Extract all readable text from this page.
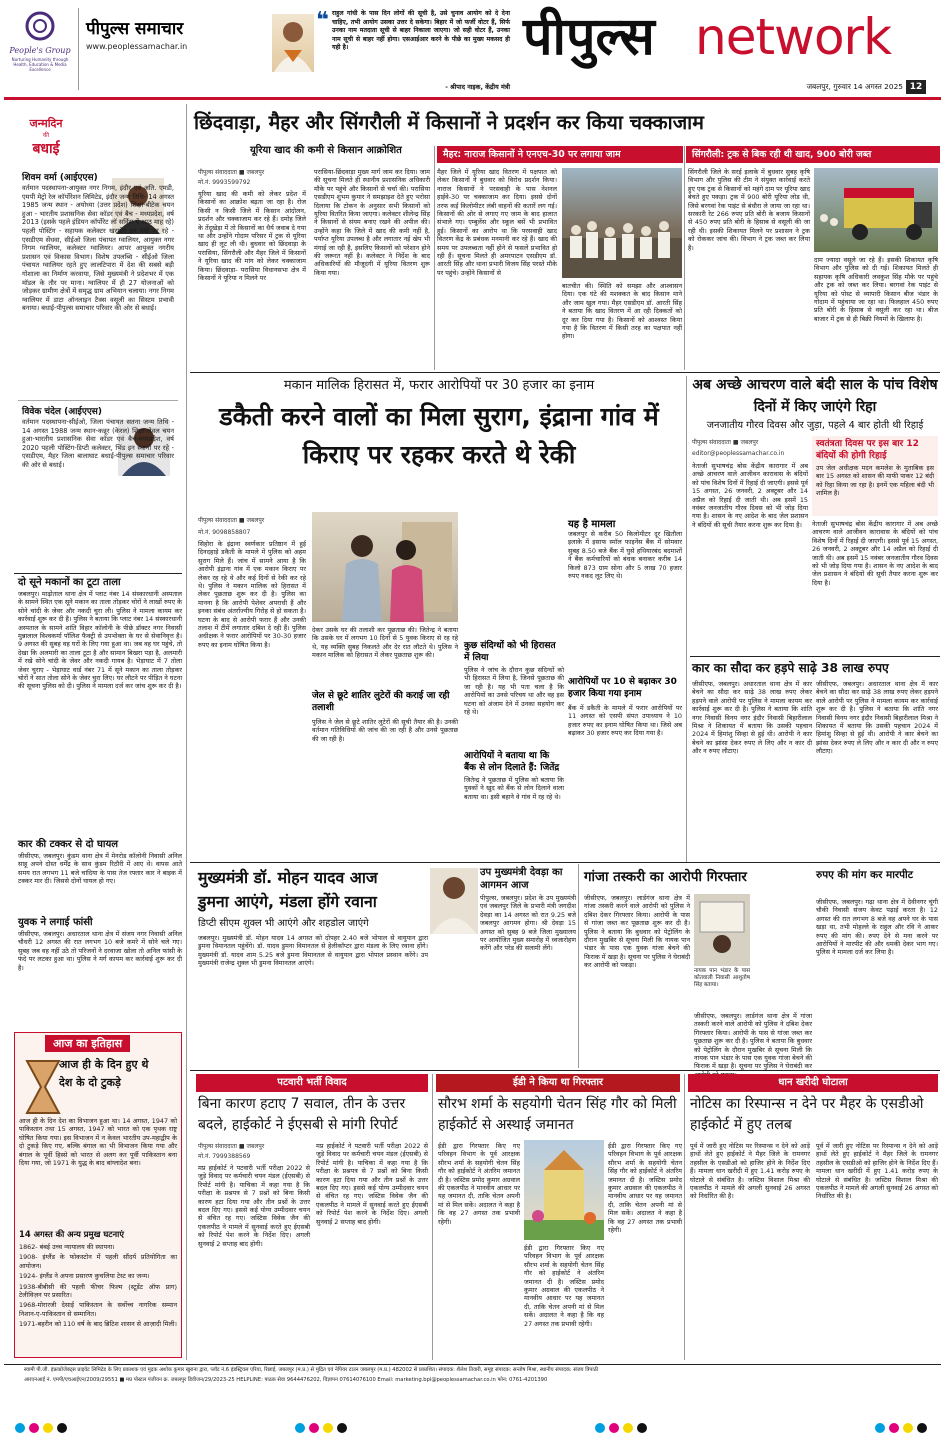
People's Group
Nurturing Humanity through Health, Education & Media Excellence
पीपुल्स समाचार
www.peoplessamachar.in
❝ राहुल गांधी के पास दिन लोगों की सूची है, उसे चुनाव आयोग को दे देना चाहिए, तभी आयोग उसका उत्तर दे सकेगा। बिहार में जो फर्जी वोटर हैं, सिर्फ उनका नाम मतदाता सूची से बाहर निकाला जाएगा। जो सही वोटर हैं, उनका नाम सूची से बाहर नहीं होगा। एसआईआर करने के पीछे का मुख्य मकसद ही यही है।
- श्रीपाद नाइक, केंद्रीय मंत्री
पीपुल्स network
जबलपुर, गुरुवार 14 अगस्त 2025 12
जन्मदिन
की
बधाई
शिवम वर्मा (आईएएस)
वर्तमान पदस्थापना-आयुक्त नगर निगम, इंदौर एवं अति. एमडी, एमपी मेट्रो रेल कॉर्पोरेशन लिमिटेड, इंदौर जन्म तिथि- 14 अगस्त 1985 जन्म स्थान - अयोध्या (उत्तर प्रदेश) शिक्षा-बीटेक चयन हुआ - भारतीय प्रशासनिक सेवा कॉडर एवं बैच - मध्यप्रदेश, वर्ष 2013 (इसके पहले इंडियन कॉर्पोरेट लॉ सर्विस में आठ माह रहे) पहली पोस्टिंग - सहायक कलेक्टर खरगोन इन पदों पर रहे - एसडीएम सेंधवा, सीईओ जिला पंचायत ग्वालियर, आयुक्त नगर निगम ग्वालियर, कलेक्टर ग्वालियर। आपर आयुक्त नगरीय प्रशासन एवं विकास विभाग। विशेष उपलब्धि - सीईओ जिला पंचायत ग्वालियर रहते हुए लालटिपारा में देश की सबसे बड़ी गोशाला का निर्माण करवाया, जिसे मुख्यमंत्री ने प्रदेशभर में एक मॉडल के तौर पर माना। ग्वालियर में ही 27 योजनाओं को जोड़कर ग्रामीण क्षेत्रों में समृद्ध ग्राम अभियान चलाया। नगर निगम ग्वालियर में डाटा ऑनलाइन टैक्स वसूली का सिस्टम प्रभावी बनाया। बधाई-पीपुल्स समाचार परिवार की ओर से बधाई।
विवेक चंदेल (आईएएस)
वर्तमान पदस्थापना-सीईओ, जिला पंचायत सतना जन्म तिथि - 14 अगस्त 1988 जन्म स्थान-कन्नूर (केरल) शिक्षा-लेवल चयन हुआ-भारतीय प्रशासनिक सेवा कॉडर एवं बैच-मध्यप्रदेश, वर्ष 2020 पहली पोस्टिंग-डिप्टी कलेक्टर, भिंड इन स्थानों पर रहे - एसडीएम, मैहर जिला बालाघाट बधाई-पीपुल्स समाचार परिवार की ओर से बधाई।
दो सूने मकानों का टूटा ताला
जबलपुर। माढ़ोताल थाना क्षेत्र में प्लाट नंबर 14 संस्कारधानी अस्पताल के सामने स्थित एक सूने मकान का ताला तोड़कर चोरों ने लाखों रुपए के सोने चांदी के जेवर और नकदी चुरा ली। पुलिस ने मामला कायम कर कार्रवाई शुरू कर दी है। पुलिस ने बताया कि प्लाट नंबर 14 संस्कारधानी अस्पताल के सामने शांति विहार कॉलोनी के पीछे डॉक्टर नगर निवासी मुन्नालाल विश्वकर्मा पॉलिश फैक्ट्री से उपभोक्ता के घर से सेवानिवृत्त है। 9 अगस्त की सुबह वह घरों के लिए गया हुआ था। जब वह घर पहुंचे, तो देखा कि अलमारी का ताला टूटा है और सामान बिखरा पड़ा है, अलमारी में रखे सोने चांदी के जेवर और नकदी गायब है। भेड़ाघाट में 7 तोला जेवर चुराए - भेड़ाघाट वार्ड नंबर 71 में सूने मकान का ताला तोड़कर चोरों ने सात तोला सोने के जेवर चुरा लिए। घर लौटने पर पीड़ित ने घटना की सूचना पुलिस को दी। पुलिस ने मामला दर्ज कर जांच शुरू कर दी है।
कार की टक्कर से दो घायल
जीसीएफ, जबलपुर। कुंडम थाना क्षेत्र में मेनरोड कॉलोनी निवासी अनिल साहू अपने दोस्त धर्मेंद्र के साथ कुंडम रिठौरी में आए थे। वापस आते समय रात लगभग 11 बजे चांदिया के पास तेज रफ्तार कार ने बाइक में टक्कर मार दी। जिससे दोनों घायल हो गए।
युवक ने लगाई फांसी
जीसीएफ, जबलपुर। अधारताल थाना क्षेत्र में संजय नगर निवासी अनिल चौधरी 12 अगस्त की रात लगभग 10 बजे कमरे में सोने चले गए। सुबह जब वह नहीं उठे तो परिजनों ने दरवाजा खोला तो अनिल फांसी के फंदे पर लटका हुआ था। पुलिस ने मर्ग कायम कर कार्रवाई शुरू कर दी है।
आज का इतिहास
आज ही के दिन हुए थे
देश के दो टुकड़े
आज ही के दिन देश का विभाजन हुआ था। 14 अगस्त, 1947 को पाकिस्तान तथा 15 अगस्त, 1947 को भारत को एक पृथक राष्ट्र घोषित किया गया। इस विभाजन में न केवल भारतीय उप-महाद्वीप के दो टुकड़े किए गए, बल्कि बंगाल का भी विभाजन किया गया और बंगाल के पूर्वी हिस्से को भारत से अलग कर पूर्वी पाकिस्तान बना दिया गया, जो 1971 के युद्ध के बाद बांग्लादेश बना।
14 अगस्त की अन्य प्रमुख घटनाएं
1862- बंबई उच्च न्यायालय की स्थापना।
1908- इंग्लैंड के फोकस्टोन में पहली सौंदर्य प्रतियोगिता का आयोजन।
1924- इंग्लैंड ने अपना प्रसारण कुचलिया टेस्ट का जन्म।
1938-बीबीसी की पहली फीचर फिल्म (स्टूडेंट ऑफ प्राग) टेलीविज़न पर प्रसारित।
1968-मोरारजी देसाई पाकिस्तान के सर्वोच्च नागरिक सम्मान निशान-ए-पाकिस्तान से सम्मानित।
1971-बहरीन को 110 वर्ष के बाद ब्रिटिश शासन से आज़ादी मिली।
छिंदवाड़ा, मैहर और सिंगरौली में किसानों ने प्रदर्शन कर किया चक्काजाम
यूरिया खाद की कमी से किसान आक्रोशित	मैहर: नाराज किसानों ने एनएच-30 पर लगाया जाम	सिंगरौली: ट्रक से बिक रही थी खाद, 900 बोरी जब्त
पीपुल्स संवाददाता ■ जबलपुर
मो.नं. 9993599792
यूरिया खाद की कमी को लेकर प्रदेश में किसानों का आक्रोश बढ़ता जा रहा है। रोज किसी न किसी जिले में किसान आंदोलन, प्रदर्शन और चक्काजाम कर रहे हैं। दमोह जिले के तेंदूखेड़ा में तो किसानों का धैर्य जवाब दे गया था और उन्होंने गोदाम परिसर में ट्रक से यूरिया खाद ही लूट ली थी। बुधवार को छिंदवाड़ा के परासिया, सिंगरौली और मैहर जिले में किसानों ने यूरिया खाद की मांग को लेकर चक्काजाम किया। छिंदवाड़ा- परासिया विधानसभा क्षेत्र में किसानों ने यूरिया न मिलने पर
परासिया-छिंदवाड़ा मुख्य मार्ग जाम कर दिया। जाम की सूचना मिलते ही स्थानीय प्रशासनिक अधिकारी मौके पर पहुंचे और किसानों से चर्चा की। परासिया एसडीएम शुभम कुमार ने समझाइश देते हुए भरोसा दिलाया कि टोकन के अनुसार सभी किसानों को यूरिया वितरित किया जाएगा। कलेक्टर शीलेन्द्र सिंह ने किसानों से संयम बनाए रखने की अपील की। उन्होंने कहा कि जिले में खाद की कमी नहीं है, पर्याप्त यूरिया उपलब्ध है और लगातार नई खेप भी मंगाई जा रही है, इसलिए किसानों को परेशान होने की जरूरत नहीं है। कलेक्टर ने निर्देश के बाद अधिकारियों की मौजूदगी में यूरिया वितरण शुरू किया गया।
मैहर जिले में यूरिया खाद वितरण में पक्षपात को लेकर किसानों ने बुधवार को विरोध प्रदर्शन किया। नाराज किसानों ने परसवाही के पास नेशनल हाईवे-30 पर चक्काजाम कर दिया। इससे दोनों तरफ कई किलोमीटर लंबी वाहनों की कतारें लग गई। किसानों की ओर से लगाए गए जाम के बाद हालात संभाले गए। एम्बुलेंस और स्कूल बसें भी प्रभावित हुई। किसानों का आरोप था कि परसवाही खाद वितरण केंद्र के प्रबंधक मनमानी कर रहे हैं। खाद की समय पर उपलब्धता नहीं होने से फसलें प्रभावित हो रही हैं। सूचना मिलते ही अमरपाटन एसडीएम डॉ. आरती सिंह और थाना प्रभारी विजय सिंह परस्ते मौके पर पहुंचे। उन्होंने किसानों से
बातचीत की। स्थिति को समझा और आश्वासन दिया। एक घंटे की मशक्कत के बाद किसान माने और जाम खुल गया। मैहर एसडीएम डॉ. आरती सिंह ने बताया कि खाद वितरण में आ रही दिक्कतों को दूर कर दिया गया है। किसानों को आश्वस्त किया गया है कि वितरण में किसी तरह का पक्षपात नहीं होगा।
सिंगरौली जिले के सरई इलाके में बुधवार सुबह कृषि विभाग और पुलिस की टीम ने संयुक्त कार्रवाई करते हुए एक ट्रक से किसानों को महंगे दाम पर यूरिया खाद बेचते हुए पकड़ा। ट्रक में 900 बोरी यूरिया लोड थी, जिसे बरगवां रेक पाइंट से बंधौरा ले जाया जा रहा था। सरकारी रेट 266 रुपए प्रति बोरी के बजाय किसानों से 450 रुपए प्रति बोरी के हिसाब से वसूली की जा रही थी। इसकी शिकायत मिलने पर प्रशासन ने ट्रक को रोककर जांच की। विभाग ने ट्रक जब्त कर लिया है।
दाम ज्यादा वसूले जा रहे हैं। इसकी शिकायत कृषि विभाग और पुलिस को दी गई। शिकायत मिलते ही सहायक कृषि अधिकारी लवकुश सिंह मौके पर पहुंचे और ट्रक को जब्त कर लिया। बरगवां रेक पाइंट से यूरिया को पोस्ट से व्यापारी किसान बीज भंडार के गोदाम में पहुंचाया जा रहा था। फिलहाल 450 रुपए प्रति बोरी के हिसाब से वसूली कर रहा था। बीज बाजार में ट्रक से ही बिक्री नियमों के खिलाफ है।
मकान मालिक हिरासत में, फरार आरोपियों पर 30 हजार का इनाम
डकैती करने वालों का मिला सुराग, इंद्राना गांव में किराए पर रहकर करते थे रेकी
पीपुल्स संवाददाता ■ जबलपुर
मो.नं. 9098858807
सिहोरा के इंद्राना स्वर्णकार प्रतिष्ठान में हुई दिनदहाड़े डकैती के मामले में पुलिस को अहम सुराग मिले हैं। जांच में सामने आया है कि आरोपी इंद्राना गांव में एक मकान किराए पर लेकर रह रहे थे और कई दिनों से रेकी कर रहे थे। पुलिस ने मकान मालिक को हिरासत में लेकर पूछताछ शुरू कर दी है। पुलिस का मानना है कि आरोपी पेशेवर अपराधी हैं और इनका संबंध अंतर्राज्यीय गिरोह से हो सकता है। घटना के बाद से आरोपी फरार हैं और उनकी तलाश में टीमें लगातार दबिश दे रही हैं। पुलिस अधीक्षक ने फरार आरोपियों पर 30-30 हजार रुपए का इनाम घोषित किया है।
देकर उसके घर की तलाशी कर पूछताछ की। जितेन्द्र ने बताया कि उसके घर में लगभग 10 दिनों से 5 युवक किराए से रह रहे थे, यह व्यक्ति सुबह निकलते और देर रात लौटते थे। पुलिस ने मकान मालिक को हिरासत में लेकर पूछताछ शुरू की।
जेल से छूटे शातिर लुटेरों की कराई जा रही तलाशी
पुलिस ने जेल से छूटे शातिर लुटेरों की सूची तैयार की है। उनकी वर्तमान गतिविधियों की जांच की जा रही है और उनसे पूछताछ की जा रही है।
कुछ संदिग्धों को भी हिरासत में लिया
पुलिस ने जांच के दौरान कुछ संदिग्धों को भी हिरासत में लिया है, जिनसे पूछताछ की जा रही है। यह भी पता चला है कि आरोपियों का उनसे परिचय था और वह इस घटना को अंजाम देने में उनका सहयोग कर रहे थे।
आरोपियों ने बताया था कि बैंक से लोन दिलाते हैं: जितेंद्र
जितेन्द्र ने पूछताछ में पुलिस को बताया कि युवकों ने खुद को बैंक से लोन दिलाने वाला बताया था। इसी बहाने वे गांव में रह रहे थे।
यह है मामला
जबलपुर से करीब 50 किलोमीटर दूर खितौला इलाके में इसाफ स्मॉल फाइनेंस बैंक में सोमवार सुबह 8.50 बजे बैंक में घुसे हथियारबंद बदमाशों ने बैंक कर्मचारियों को बंधक बनाकर करीब 14 किलो 873 ग्राम सोना और 5 लाख 70 हजार रुपए नकद लूट लिए थे।
आरोपियों पर 10 से बढ़ाकर 30 हजार किया गया इनाम
बैंक में डकैती के मामले में फरार आरोपियों पर 11 अगस्त को एसपी संपत उपाध्याय ने 10 हजार रुपए का इनाम घोषित किया था। जिसे अब बढ़ाकर 30 हजार रुपए कर दिया गया है।
अब अच्छे आचरण वाले बंदी साल के पांच विशेष दिनों में किए जाएंगे रिहा
जनजातीय गौरव दिवस और जुड़ा, पहले 4 बार होती थी रिहाई
पीपुल्स संवाददाता ■ जबलपुर
editor@peoplessamachar.co.in
स्वतंत्रता दिवस पर इस बार 12 बंदियों की होगी रिहाई
उप जेल अधीक्षक मदन कमलेश के मुताबिक इस बार 15 अगस्त को शासन की माफी पाकर 12 बंदी को रिहा किया जा रहा है। इनमें एक महिला बंदी भी शामिल है।
नेताजी सुभाषचंद्र बोस केंद्रीय कारागार में अब अच्छे आचरण वाले आजीवन कारावास के बंदियों को पांच विशेष दिनों में रिहाई दी जाएगी। इससे पूर्व 15 अगस्त, 26 जनवरी, 2 अक्टूबर और 14 अप्रैल को रिहाई दी जाती थी। अब इसमें 15 नवंबर जनजातीय गौरव दिवस को भी जोड़ दिया गया है। शासन के नए आदेश के बाद जेल प्रशासन ने बंदियों की सूची तैयार करना शुरू कर दिया है।	नेताजी सुभाषचंद्र बोस केंद्रीय कारागार में अब अच्छे आचरण वाले आजीवन कारावास के बंदियों को पांच विशेष दिनों में रिहाई दी जाएगी। इससे पूर्व 15 अगस्त, 26 जनवरी, 2 अक्टूबर और 14 अप्रैल को रिहाई दी जाती थी। अब इसमें 15 नवंबर जनजातीय गौरव दिवस को भी जोड़ दिया गया है। शासन के नए आदेश के बाद जेल प्रशासन ने बंदियों की सूची तैयार करना शुरू कर दिया है।
कार का सौदा कर हड़पे साढ़े 38 लाख रुपए
जीसीएफ, जबलपुर। अधारताल थाना क्षेत्र में कार बेचने का सौदा कर साढ़े 38 लाख रुपए लेकर हड़पने वाले आरोपी पर पुलिस ने मामला कायम कर कार्रवाई शुरू कर दी है। पुलिस ने बताया कि शांति नगर निवासी विनय नगर इंदौर निवासी बिहारीलाल मिश्रा ने शिकायत में बताया कि उसकी पहचान 2024 में हिमांशु सिन्हा से हुई थी। आरोपी ने कार बेचने का झांसा देकर रुपए ले लिए और न कार दी और न रुपए लौटाए।
जीसीएफ, जबलपुर। अधारताल थाना क्षेत्र में कार बेचने का सौदा कर साढ़े 38 लाख रुपए लेकर हड़पने वाले आरोपी पर पुलिस ने मामला कायम कर कार्रवाई शुरू कर दी है। पुलिस ने बताया कि शांति नगर निवासी विनय नगर इंदौर निवासी बिहारीलाल मिश्रा ने शिकायत में बताया कि उसकी पहचान 2024 में हिमांशु सिन्हा से हुई थी। आरोपी ने कार बेचने का झांसा देकर रुपए ले लिए और न कार दी और न रुपए लौटाए।
मुख्यमंत्री डॉ. मोहन यादव आज
डुमना आएंगे, मंडला होंगे रवाना
डिप्टी सीएम शुक्ल भी आएंगे और शहडोल जाएंगे
जबलपुर। मुख्यमंत्री डॉ. मोहन यादव 14 अगस्त को दोपहर 2.40 बजे भोपाल से वायुयान द्वारा डुमना विमानतल पहुंचेंगे। डॉ. यादव डुमना विमानतल से हेलीकॉप्टर द्वारा मंडला के लिए रवाना होंगे। मुख्यमंत्री डॉ. यादव शाम 5.25 बजे डुमना विमानतल से वायुयान द्वारा भोपाल प्रस्थान करेंगे। उप मुख्यमंत्री राजेन्द्र शुक्ल भी डुमना विमानतल आएंगे।
उप मुख्यमंत्री देवड़ा का आगमन आज
पीपुल्स, जबलपुर। प्रदेश के उप मुख्यमंत्री एवं जबलपुर जिले के प्रभारी मंत्री जगदीश देवड़ा का 14 अगस्त को रात 9.25 बजे जबलपुर आगमन होगा। श्री देवड़ा 15 अगस्त को सुबह 9 बजे जिला मुख्यालय पर आयोजित मुख्य समारोह में ध्वजारोहण करेंगे और परेड की सलामी लेंगे।
गांजा तस्करी का आरोपी गिरफ्तार
जीसीएफ, जबलपुर। लार्डगंज थाना क्षेत्र में गांजा तस्करी करने वाले आरोपी को पुलिस ने दबिश देकर गिरफ्तार किया। आरोपी के पास से गांजा जब्त कर पूछताछ शुरू कर दी है। पुलिस ने बताया कि बुधवार को पेट्रोलिंग के दौरान मुखबिर से सूचना मिली कि नायक पान भंडार के पास एक युवक गांजा बेचने की फिराक में खड़ा है। सूचना पर पुलिस ने घेराबंदी कर आरोपी को पकड़ा।
नायक पान भंडार के पास कोतवाली निवासी आशुतोष सिंह बताया।
जीसीएफ, जबलपुर। लार्डगंज थाना क्षेत्र में गांजा तस्करी करने वाले आरोपी को पुलिस ने दबिश देकर गिरफ्तार किया। आरोपी के पास से गांजा जब्त कर पूछताछ शुरू कर दी है। पुलिस ने बताया कि बुधवार को पेट्रोलिंग के दौरान मुखबिर से सूचना मिली कि नायक पान भंडार के पास एक युवक गांजा बेचने की फिराक में खड़ा है। सूचना पर पुलिस ने घेराबंदी कर
रुपए की मांग कर मारपीट
जीसीएफ, जबलपुर। गढ़ा थाना क्षेत्र में देवीनगर चूंगी चौकी निवासी संजय केवट पढ़ाई करता है। 12 अगस्त की रात लगभग 8 बजे वह अपने घर के पास खड़ा था, तभी मोहल्ले के राहुल और रवि ने आकर रुपए की मांग की। रुपए देने से मना करने पर आरोपियों ने मारपीट की और धमकी देकर भाग गए। पुलिस ने मामला दर्ज कर लिया है।
पटवारी भर्ती विवाद	ईडी ने किया था गिरफ्तार	धान खरीदी घोटाला
बिना कारण हटाए 7 सवाल, तीन के उत्तर बदले, हाईकोर्ट ने ईएसबी से मांगी रिपोर्ट
पीपुल्स संवाददाता ■ जबलपुर
मो.नं. 7999388569
मप्र हाईकोर्ट ने पटवारी भर्ती परीक्षा 2022 से जुड़े विवाद पर कर्मचारी चयन मंडल (ईएसबी) से रिपोर्ट मांगी है। याचिका में कहा गया है कि परीक्षा के प्रश्नपत्र से 7 प्रश्नों को बिना किसी कारण हटा दिया गया और तीन प्रश्नों के उत्तर बदल दिए गए। इससे कई योग्य उम्मीदवार चयन से वंचित रह गए। जस्टिस विवेक जैन की एकलपीठ ने मामले में सुनवाई करते हुए ईएसबी को रिपोर्ट पेश करने के निर्देश दिए। अगली सुनवाई 2 सप्ताह बाद होगी।
मप्र हाईकोर्ट ने पटवारी भर्ती परीक्षा 2022 से जुड़े विवाद पर कर्मचारी चयन मंडल (ईएसबी) से रिपोर्ट मांगी है। याचिका में कहा गया है कि परीक्षा के प्रश्नपत्र से 7 प्रश्नों को बिना किसी कारण हटा दिया गया और तीन प्रश्नों के उत्तर बदल दिए गए। इससे कई योग्य उम्मीदवार चयन से वंचित रह गए। जस्टिस विवेक जैन की एकलपीठ ने मामले में सुनवाई करते हुए ईएसबी को रिपोर्ट पेश करने के निर्देश दिए। अगली सुनवाई 2 सप्ताह बाद होगी।
सौरभ शर्मा के सहयोगी चेतन सिंह गौर को मिली हाईकोर्ट से अस्थाई जमानत
ईडी द्वारा गिरफ्तार किए गए परिवहन विभाग के पूर्व आरक्षक सौरभ शर्मा के सहयोगी चेतन सिंह गौर को हाईकोर्ट ने अंतरिम जमानत दी है। जस्टिस प्रमोद कुमार अग्रवाल की एकलपीठ ने मानवीय आधार पर यह जमानत दी, ताकि चेतन अपनी मां से मिल सकें। अदालत ने कहा है कि वह 27 अगस्त तक प्रभावी रहेगी।
ईडी द्वारा गिरफ्तार किए गए परिवहन विभाग के पूर्व आरक्षक सौरभ शर्मा के सहयोगी चेतन सिंह गौर को हाईकोर्ट ने अंतरिम जमानत दी है। जस्टिस प्रमोद कुमार अग्रवाल की एकलपीठ ने मानवीय आधार पर यह जमानत दी, ताकि चेतन अपनी मां से मिल सकें। अदालत ने कहा है कि वह 27 अगस्त तक प्रभावी रहेगी।
ईडी द्वारा गिरफ्तार किए गए परिवहन विभाग के पूर्व आरक्षक सौरभ शर्मा के सहयोगी चेतन सिंह गौर को हाईकोर्ट ने अंतरिम जमानत दी है। जस्टिस प्रमोद कुमार अग्रवाल की एकलपीठ ने मानवीय आधार पर यह जमानत दी, ताकि चेतन अपनी मां से मिल सकें। अदालत ने कहा है कि वह 27 अगस्त तक प्रभावी रहेगी।
नोटिस का रिस्पान्स न देने पर मैहर के एसडीओ हाईकोर्ट में हुए तलब
पूर्व में जारी हुए नोटिस पर रिस्पान्स न देने को आड़े हाथों लेते हुए हाईकोर्ट ने मैहर जिले के रामनगर तहसील के एसडीओ को हाजिर होने के निर्देश दिए हैं। मामला धान खरीदी में हुए 1.41 करोड़ रुपए के घोटाले से संबंधित है। जस्टिस विशाल मिश्रा की एकलपीठ ने मामले की अगली सुनवाई 26 अगस्त को निर्धारित की है।
पूर्व में जारी हुए नोटिस पर रिस्पान्स न देने को आड़े हाथों लेते हुए हाईकोर्ट ने मैहर जिले के रामनगर तहसील के एसडीओ को हाजिर होने के निर्देश दिए हैं। मामला धान खरीदी में हुए 1.41 करोड़ रुपए के घोटाले से संबंधित है। जस्टिस विशाल मिश्रा की एकलपीठ ने मामले की अगली सुनवाई 26 अगस्त को निर्धारित की है।
स्वामी पी.जी. इंफ्राप्रोजेक्ट्स प्राइवेट लिमिटेड के लिए प्रकाशक एवं मुद्रक अशोक कुमार खुराना द्वारा, प्लॉट नं.6 इंडस्ट्रियल एरिया, रिछाई, जबलपुर (म.प्र.) से मुद्रित एवं नेपियर टाउन जबलपुर (म.प्र.) 482002 से प्रकाशित। संपादक: शैलेश तिवारी, समूह संपादक: सन्तोष मिश्रा, स्थानीय संपादक: संजय त्रिपाठी
आरएनआई नं. एमपी/एचआईएन/2009/29551 ■ मप्र पोस्टल पंजीयन क्र. जबलपुर डिवीजन/29/2023-25 HELPLINE: पाठक सेवा 9644476202, विज्ञापन 07614076100 Email: marketing.bpl@peoplessamachar.co.in फोन: 0761-4201390
